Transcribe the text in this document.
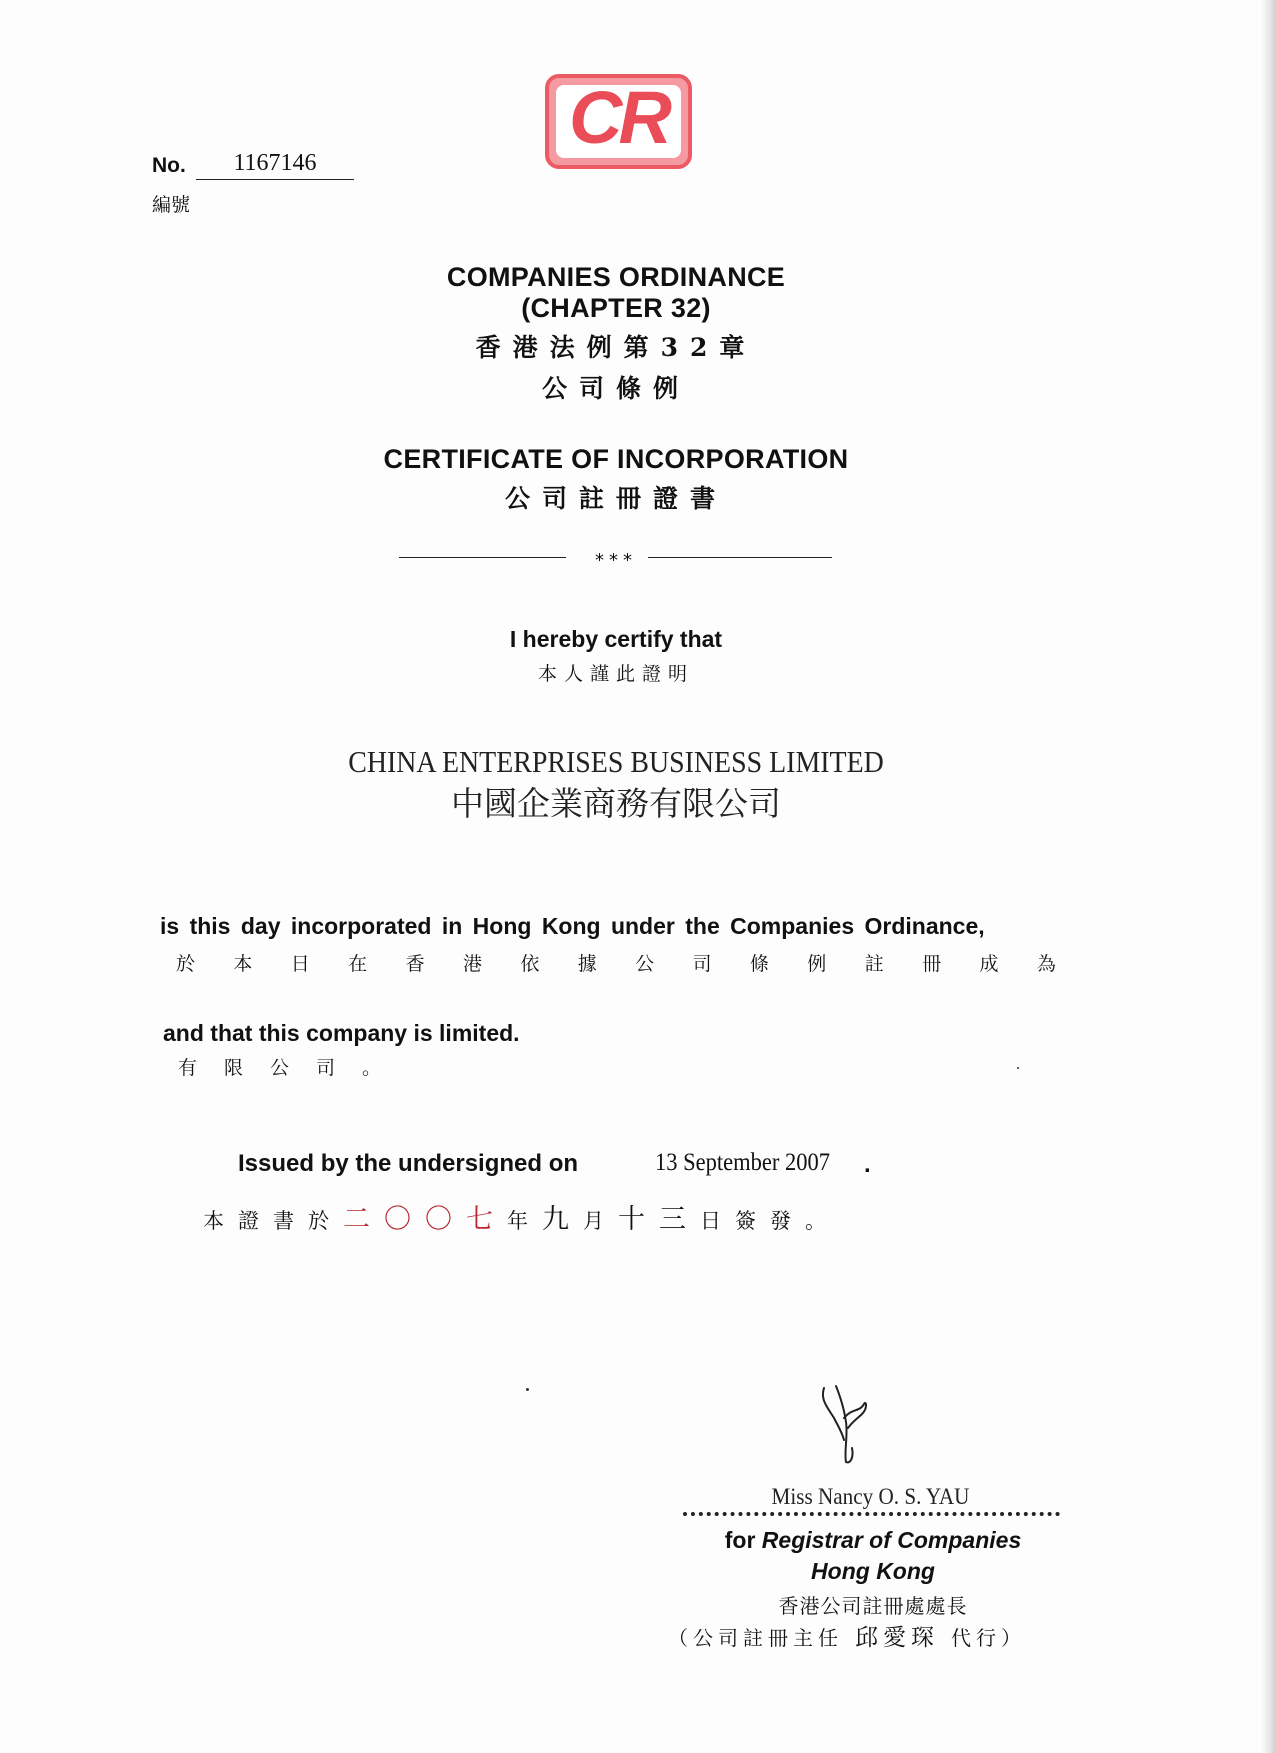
CR
No.	1167146
編號
COMPANIES ORDINANCE
(CHAPTER 32)
香港法例第32章
公司條例
CERTIFICATE OF INCORPORATION
公司註冊證書
***
I hereby certify that
本人謹此證明
CHINA ENTERPRISES BUSINESS LIMITED
中國企業商務有限公司
is this day incorporated in Hong Kong under the Companies Ordinance,
於 本 日 在 香 港 依 據 公 司 條 例 註 冊 成 為
and that this company is limited.
有限公司。
Issued by the undersigned on	13 September 2007 .
本證書於二〇〇七年九月十三日簽發。
Miss Nancy O. S. YAU
for Registrar of Companies
Hong Kong
香港公司註冊處處長
（公司註冊主任 邱愛琛 代行）
